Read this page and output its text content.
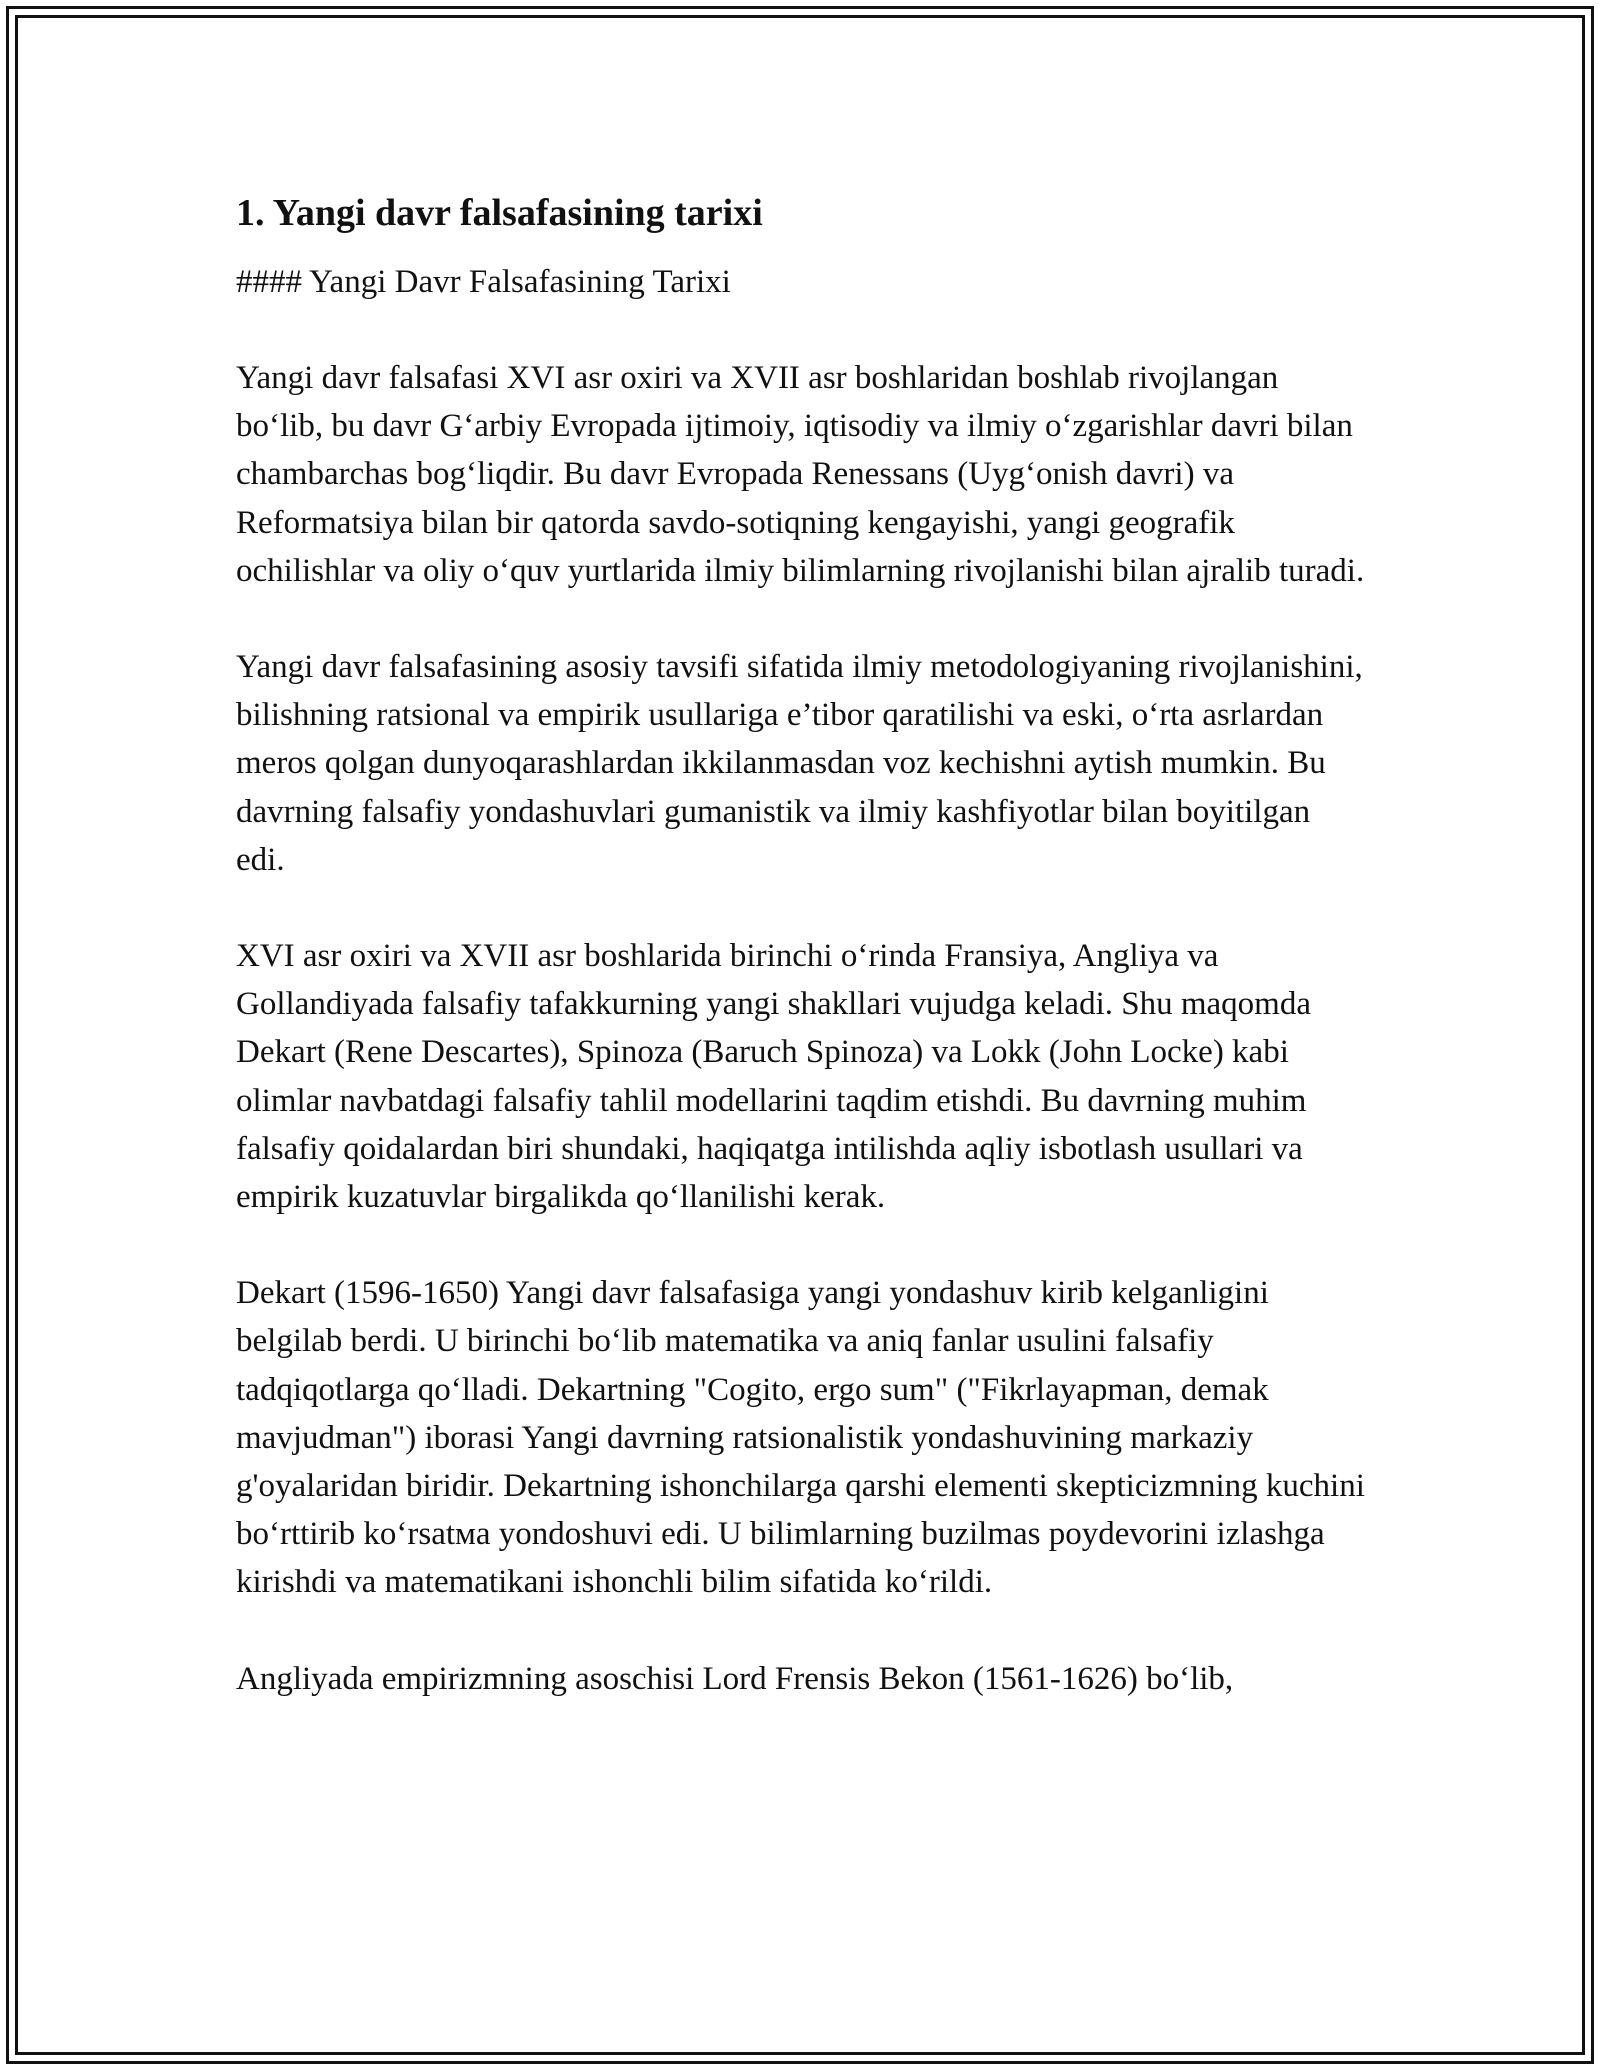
1. Yangi davr falsafasining tarixi

#### Yangi Davr Falsafasining Tarixi

Yangi davr falsafasi XVI asr oxiri va XVII asr boshlaridan boshlab rivojlangan bo‘lib, bu davr G‘arbiy Evropada ijtimoiy, iqtisodiy va ilmiy o‘zgarishlar davri bilan chambarchas bog‘liqdir. Bu davr Evropada Renessans (Uyg‘onish davri) va Reformatsiya bilan bir qatorda savdo-sotiqning kengayishi, yangi geografik ochilishlar va oliy o‘quv yurtlarida ilmiy bilimlarning rivojlanishi bilan ajralib turadi.

Yangi davr falsafasining asosiy tavsifi sifatida ilmiy metodologiyaning rivojlanishini, bilishning ratsional va empirik usullariga e’tibor qaratilishi va eski, o‘rta asrlardan meros qolgan dunyoqarashlardan ikkilanmasdan voz kechishni aytish mumkin. Bu davrning falsafiy yondashuvlari gumanistik va ilmiy kashfiyotlar bilan boyitilgan edi.

XVI asr oxiri va XVII asr boshlarida birinchi o‘rinda Fransiya, Angliya va Gollandiyada falsafiy tafakkurning yangi shakllari vujudga keladi. Shu maqomda Dekart (Rene Descartes), Spinoza (Baruch Spinoza) va Lokk (John Locke) kabi olimlar navbatdagi falsafiy tahlil modellarini taqdim etishdi. Bu davrning muhim falsafiy qoidalardan biri shundaki, haqiqatga intilishda aqliy isbotlash usullari va empirik kuzatuvlar birgalikda qo‘llanilishi kerak.

Dekart (1596-1650) Yangi davr falsafasiga yangi yondashuv kirib kelganligini belgilab berdi. U birinchi bo‘lib matematika va aniq fanlar usulini falsafiy tadqiqotlarga qo‘lladi. Dekartning "Cogito, ergo sum" ("Fikrlayapman, demak mavjudman") iborasi Yangi davrning ratsionalistik yondashuvining markaziy g'oyalaridan biridir. Dekartning ishonchilarga qarshi elementi skepticizmning kuchini bo‘rttirib ko‘rsatмa yondoshuvi edi. U bilimlarning buzilmas poydevorini izlashga kirishdi va matematikani ishonchli bilim sifatida ko‘rildi.

Angliyada empirizmning asoschisi Lord Frensis Bekon (1561-1626) bo‘lib,
